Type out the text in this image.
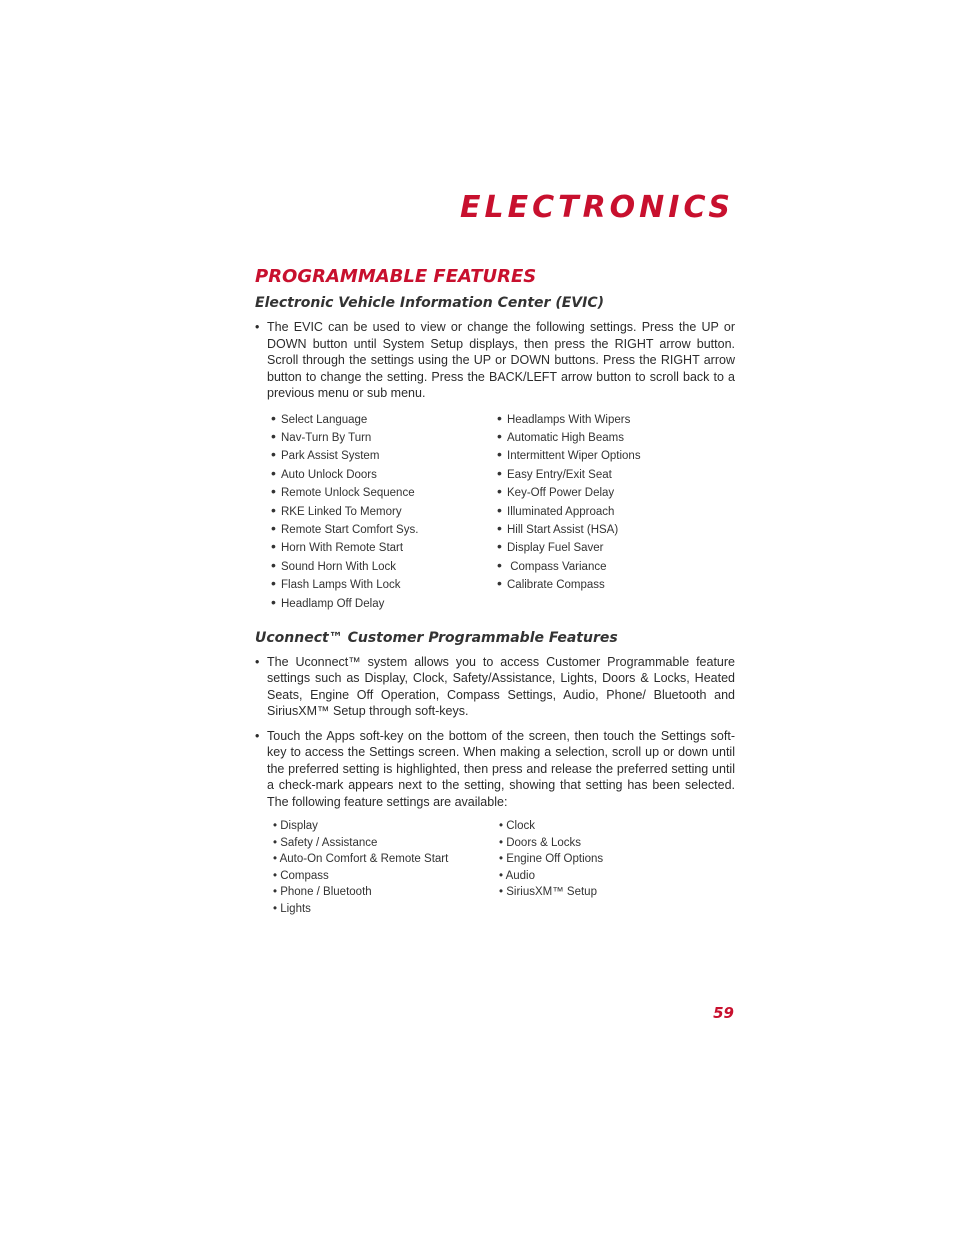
ELECTRONICS
PROGRAMMABLE FEATURES
Electronic Vehicle Information Center (EVIC)

• The EVIC can be used to view or change the following settings. Press the UP or DOWN button until System Setup displays, then press the RIGHT arrow button. Scroll through the settings using the UP or DOWN buttons. Press the RIGHT arrow button to change the setting. Press the BACK/LEFT arrow button to scroll back to a previous menu or sub menu.

• Select Language
• Nav-Turn By Turn
• Park Assist System
• Auto Unlock Doors
• Remote Unlock Sequence
• RKE Linked To Memory
• Remote Start Comfort Sys.
• Horn With Remote Start
• Sound Horn With Lock
• Flash Lamps With Lock
• Headlamp Off Delay
• Headlamps With Wipers
• Automatic High Beams
• Intermittent Wiper Options
• Easy Entry/Exit Seat
• Key-Off Power Delay
• Illuminated Approach
• Hill Start Assist (HSA)
• Display Fuel Saver
• Compass Variance
• Calibrate Compass
Uconnect™ Customer Programmable Features

• The Uconnect™ system allows you to access Customer Programmable feature settings such as Display, Clock, Safety/Assistance, Lights, Doors & Locks, Heated Seats, Engine Off Operation, Compass Settings, Audio, Phone/ Bluetooth and SiriusXM™ Setup through soft-keys.

• Touch the Apps soft-key on the bottom of the screen, then touch the Settings soft-key to access the Settings screen. When making a selection, scroll up or down until the preferred setting is highlighted, then press and release the preferred setting until a check-mark appears next to the setting, showing that setting has been selected. The following feature settings are available:

• Display
• Safety / Assistance
• Auto-On Comfort & Remote Start
• Compass
• Phone / Bluetooth
• Lights
• Clock
• Doors & Locks
• Engine Off Options
• Audio
• SiriusXM™ Setup

59
